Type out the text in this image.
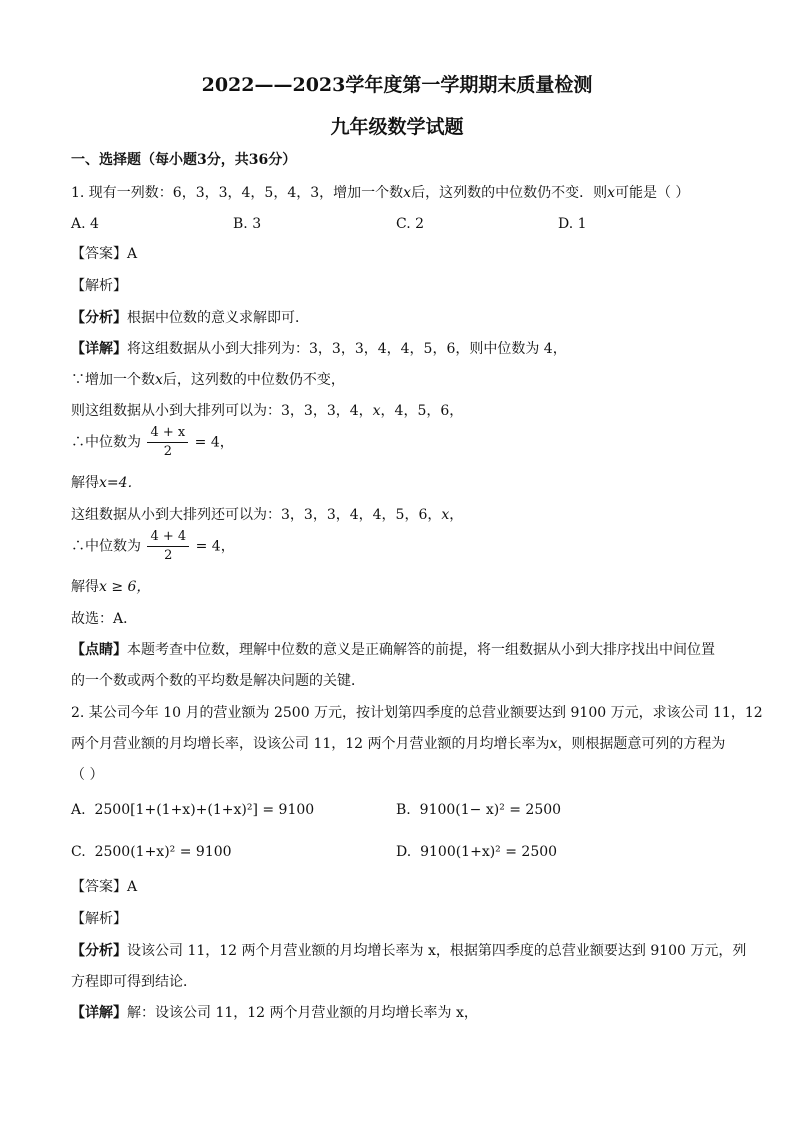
2022——2023学年度第一学期期末质量检测
九年级数学试题
一、选择题（每小题3分，共36分）
1. 现有一列数：6，3，3，4，5，4，3，增加一个数x后，这列数的中位数仍不变．则x可能是（ ）
A. 4	B. 3	C. 2	D. 1
【答案】A
【解析】
【分析】根据中位数的意义求解即可．
【详解】将这组数据从小到大排列为：3，3，3，4，4，5，6，则中位数为 4，
∵增加一个数x后，这列数的中位数仍不变，
则这组数据从小到大排列可以为：3，3，3，4，x，4，5，6，
∴中位数为 $\frac{4 + x}{2} = 4$，
解得x=4．
这组数据从小到大排列还可以为：3，3，3，4，4，5，6，x，
∴中位数为 $\frac{4 + 4}{2} = 4$，
解得x ≥ 6，
故选：A．
【点睛】本题考查中位数，理解中位数的意义是正确解答的前提，将一组数据从小到大排序找出中间位置
的一个数或两个数的平均数是解决问题的关键．
2. 某公司今年 10 月的营业额为 2500 万元，按计划第四季度的总营业额要达到 9100 万元，求该公司 11，12
两个月营业额的月均增长率，设该公司 11，12 两个月营业额的月均增长率为x，则根据题意可列的方程为
（ ）
A. 2500[1+(1+x)+(1+x)²] = 9100	B. 9100(1− x)² = 2500
C. 2500(1+x)² = 9100	D. 9100(1+x)² = 2500
【答案】A
【解析】
【分析】设该公司 11，12 两个月营业额的月均增长率为 x，根据第四季度的总营业额要达到 9100 万元，列
方程即可得到结论．
【详解】解：设该公司 11，12 两个月营业额的月均增长率为 x，
